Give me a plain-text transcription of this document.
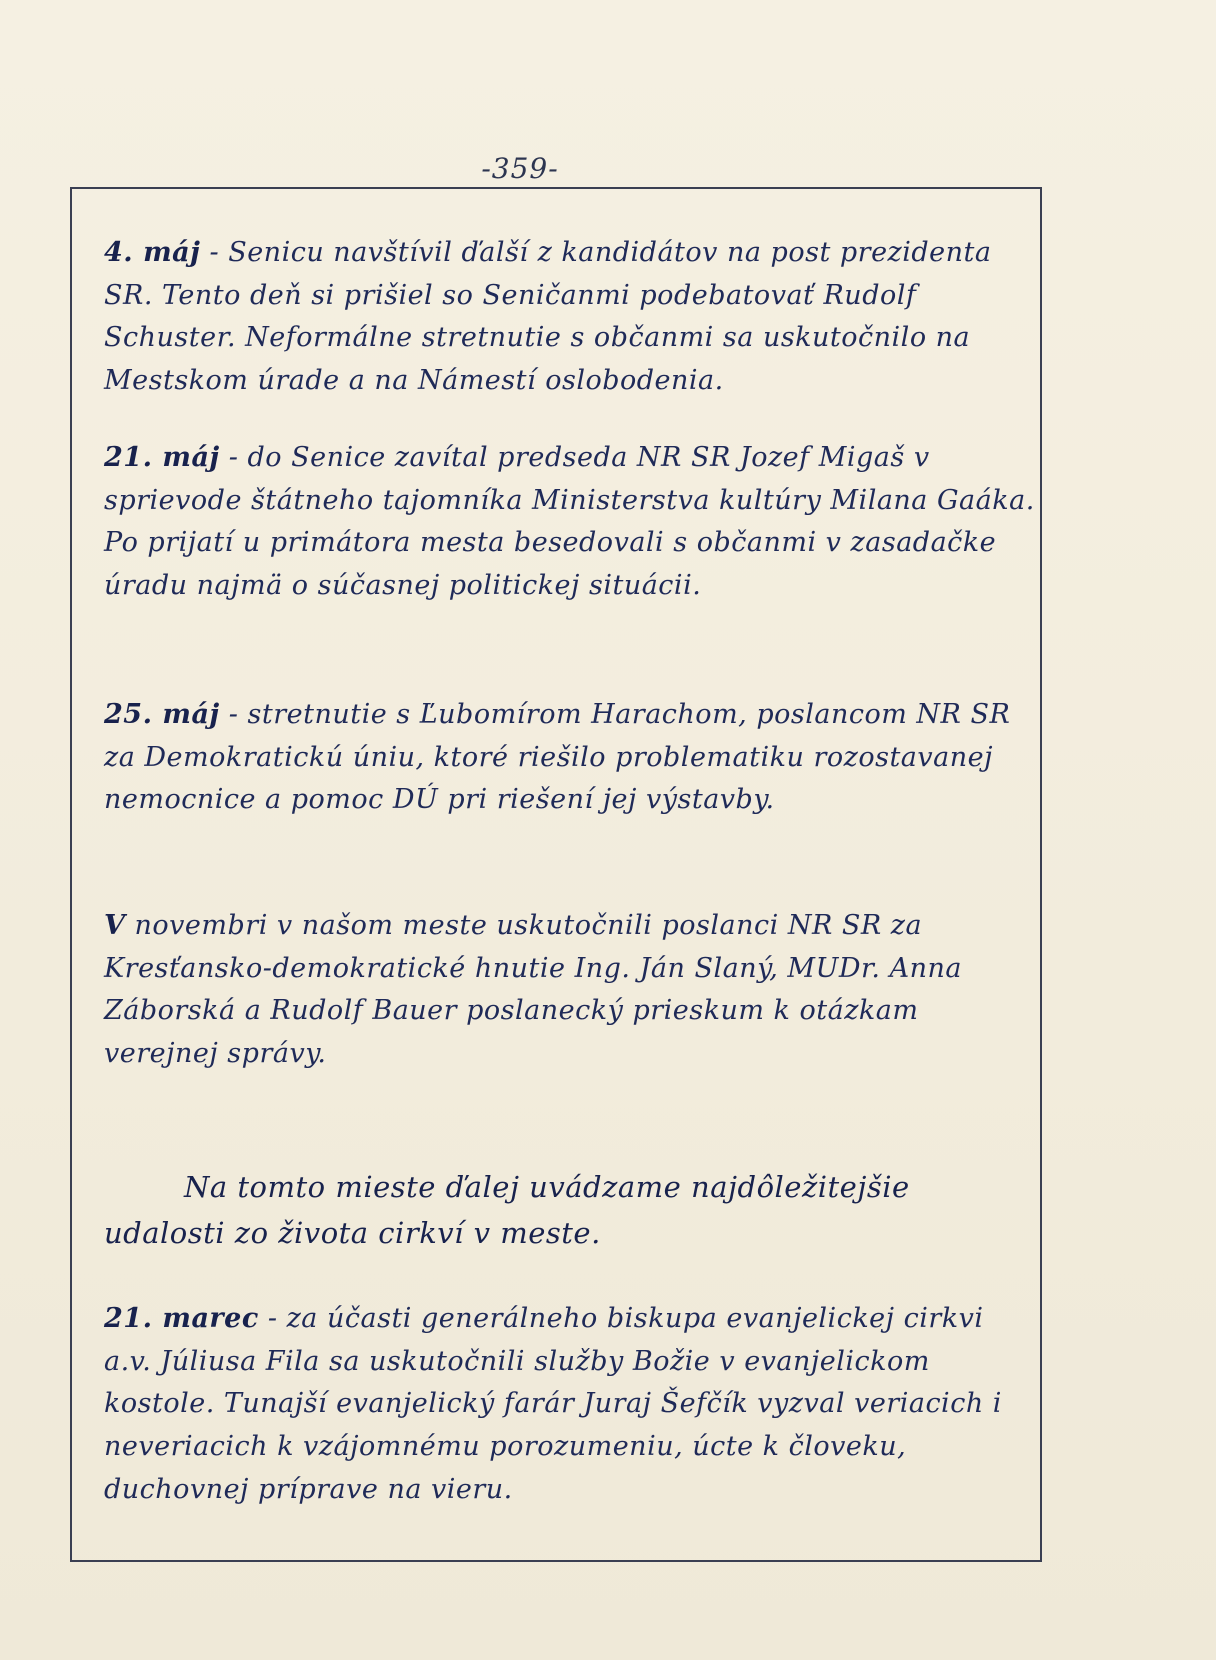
-359-
4. máj - Senicu navštívil ďalší z kandidátov na post prezidenta SR. Tento deň si prišiel so Seničanmi podebatovať Rudolf Schuster. Neformálne stretnutie s občanmi sa uskutočnilo na Mestskom úrade a na Námestí oslobodenia.
21. máj - do Senice zavítal predseda NR SR Jozef Migaš v sprievode štátneho tajomníka Ministerstva kultúry Milana Gaáka. Po prijatí u primátora mesta besedovali s občanmi v zasadačke úradu najmä o súčasnej politickej situácii.
25. máj - stretnutie s Ľubomírom Harachom, poslancom NR SR za Demokratickú úniu, ktoré riešilo problematiku rozostavanej nemocnice a pomoc DÚ pri riešení jej výstavby.
V novembri v našom meste uskutočnili poslanci NR SR za Kresťansko-demokratické hnutie Ing. Ján Slaný, MUDr. Anna Záborská a Rudolf Bauer poslanecký prieskum k otázkam verejnej správy.
Na tomto mieste ďalej uvádzame najdôležitejšie udalosti zo života cirkví v meste.
21. marec - za účasti generálneho biskupa evanjelickej cirkvi a.v. Júliusa Fila sa uskutočnili služby Božie v evanjelickom kostole. Tunajší evanjelický farár Juraj Šefčík vyzval veriacich i neveriacich k vzájomnému porozumeniu, úcte k človeku, duchovnej príprave na vieru.
